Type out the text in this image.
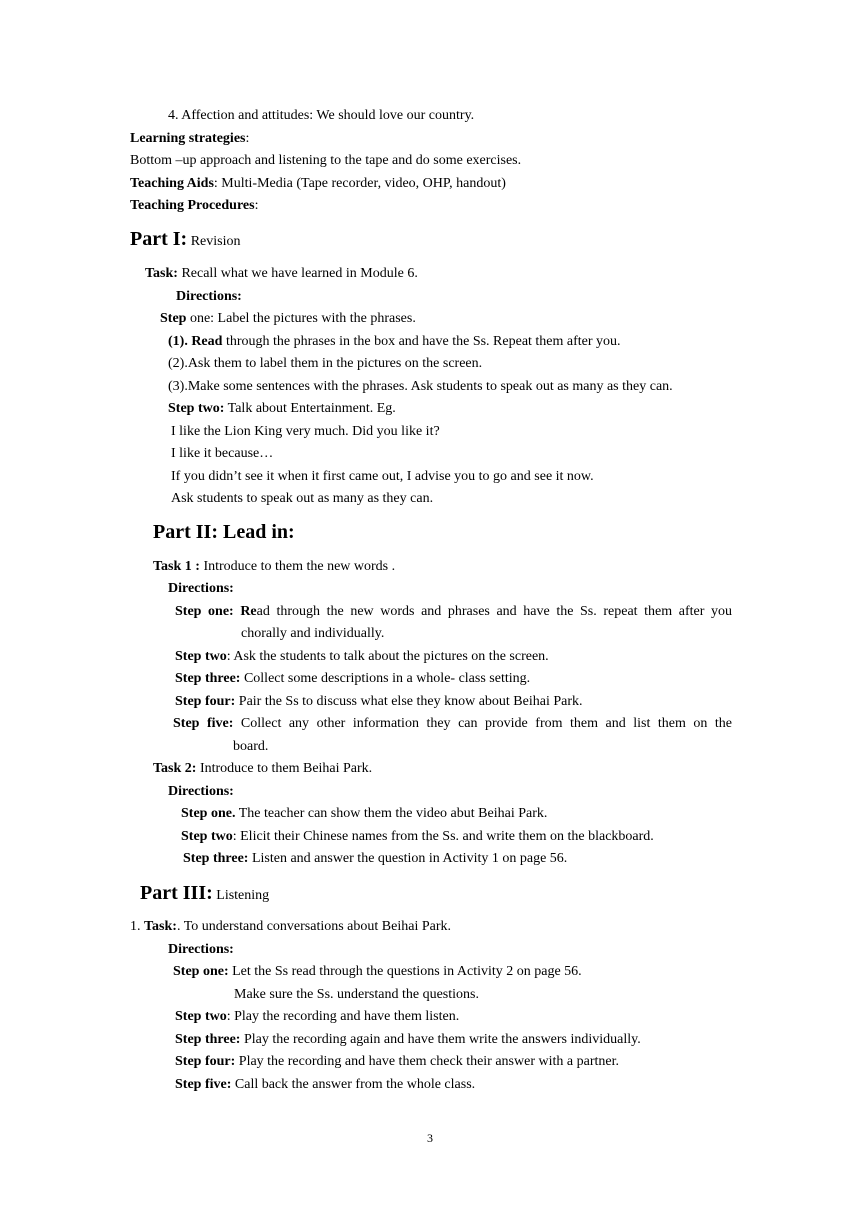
4. Affection and attitudes: We should love our country.
Learning strategies:
Bottom –up approach and listening to the tape and do some exercises.
Teaching Aids: Multi-Media (Tape recorder, video, OHP, handout)
Teaching Procedures:
Part I: Revision
Task: Recall what we have learned in Module 6.
Directions:
Step one: Label the pictures with the phrases.
(1). Read through the phrases in the box and have the Ss. Repeat them after you.
(2).Ask them to label them in the pictures on the screen.
(3).Make some sentences with the phrases. Ask students to speak out as many as they can.
Step two: Talk about Entertainment. Eg.
I like the Lion King very much. Did you like it?
I like it because…
If you didn’t see it when it first came out, I advise you to go and see it now.
Ask students to speak out as many as they can.
Part II: Lead in:
Task 1 : Introduce to them the new words .
Directions:
Step one: Read through the new words and phrases and have the Ss. repeat them after you
chorally and individually.
Step two: Ask the students to talk about the pictures on the screen.
Step three: Collect some descriptions in a whole- class setting.
Step four: Pair the Ss to discuss what else they know about Beihai Park.
Step five: Collect any other information they can provide from them and list them on the
board.
Task 2: Introduce to them Beihai Park.
Directions:
Step one. The teacher can show them the video abut Beihai Park.
Step two: Elicit their Chinese names from the Ss. and write them on the blackboard.
Step three: Listen and answer the question in Activity 1 on page 56.
Part III: Listening
1. Task:. To understand conversations about Beihai Park.
Directions:
Step one: Let the Ss read through the questions in Activity 2 on page 56.
Make sure the Ss. understand the questions.
Step two: Play the recording and have them listen.
Step three: Play the recording again and have them write the answers individually.
Step four: Play the recording and have them check their answer with a partner.
Step five: Call back the answer from the whole class.
3
